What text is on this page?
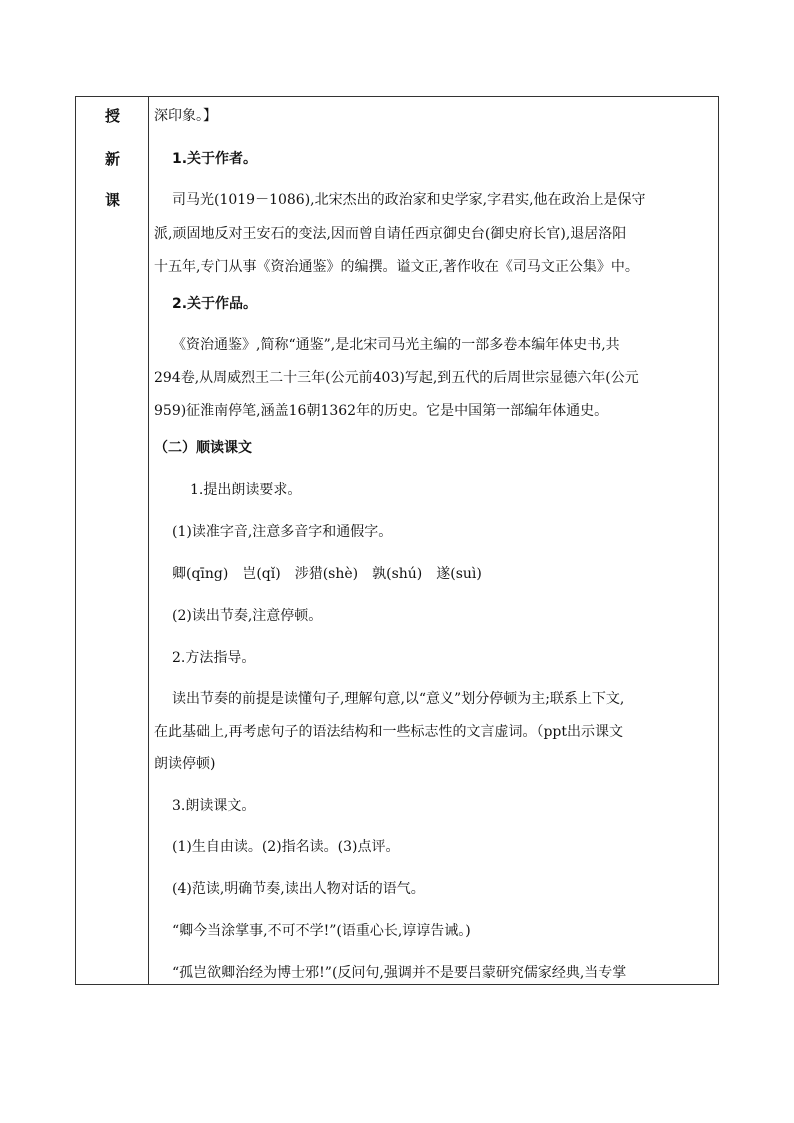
授
新
课
深印象。】
1.关于作者。
司马光(1019－1086),北宋杰出的政治家和史学家,字君实,他在政治上是保守
派,顽固地反对王安石的变法,因而曾自请任西京御史台(御史府长官),退居洛阳
十五年,专门从事《资治通鉴》的编撰。谥文正,著作收在《司马文正公集》中。
2.关于作品。
《资治通鉴》,简称“通鉴”,是北宋司马光主编的一部多卷本编年体史书,共
294卷,从周威烈王二十三年(公元前403)写起,到五代的后周世宗显德六年(公元
959)征淮南停笔,涵盖16朝1362年的历史。它是中国第一部编年体通史。
（二）顺读课文
1.提出朗读要求。
(1)读准字音,注意多音字和通假字。
卿(qīng)　岂(qǐ)　涉猎(shè)　孰(shú)　遂(suì)
(2)读出节奏,注意停顿。
2.方法指导。
读出节奏的前提是读懂句子,理解句意,以“意义”划分停顿为主;联系上下文,
在此基础上,再考虑句子的语法结构和一些标志性的文言虚词。（ppt出示课文
朗读停顿)
3.朗读课文。
(1)生自由读。(2)指名读。(3)点评。
(4)范读,明确节奏,读出人物对话的语气。
“卿今当涂掌事,不可不学!”(语重心长,谆谆告诫。)
“孤岂欲卿治经为博士邪!”(反问句,强调并不是要吕蒙研究儒家经典,当专掌
